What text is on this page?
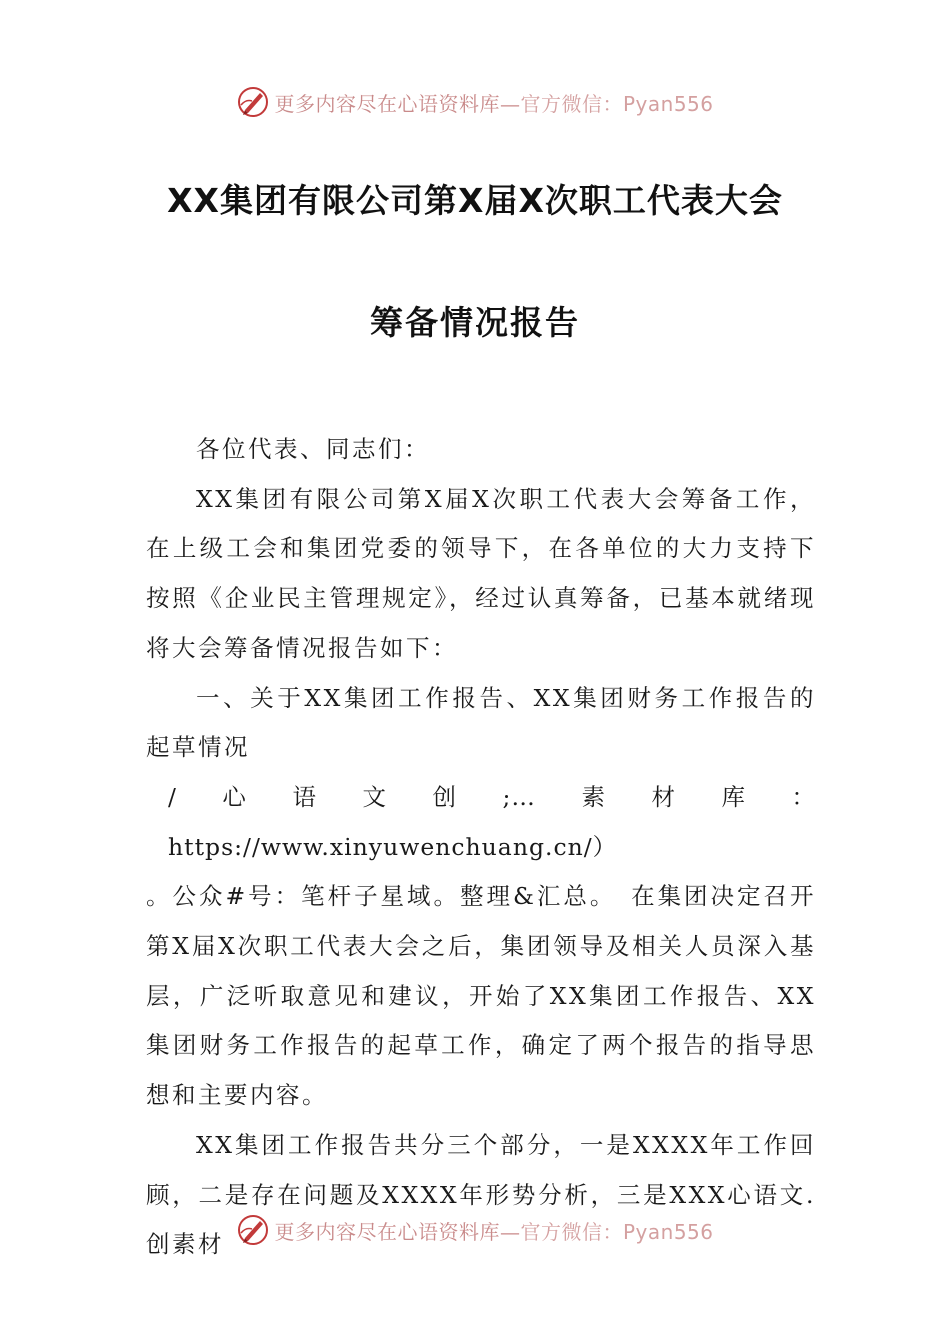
更多内容尽在心语资料库—官方微信：Pyan556
XX集团有限公司第X届X次职工代表大会
筹备情况报告

各位代表、同志们：

XX集团有限公司第X届X次职工代表大会筹备工作，在上级工会和集团党委的领导下，在各单位的大力支持下按照《企业民主管理规定》，经过认真筹备，已基本就绪现将大会筹备情况报告如下：

一、关于XX集团工作报告、XX集团财务工作报告的起草情况

/心语文创;…素材库：https://www.xinyuwenchuang.cn/）

。公众#号：笔杆子星域。整理&汇总。　在集团决定召开第X届X次职工代表大会之后，集团领导及相关人员深入基层，广泛听取意见和建议，开始了XX集团工作报告、XX集团财务工作报告的起草工作，确定了两个报告的指导思想和主要内容。

XX集团工作报告共分三个部分，一是XXXX年工作回顾，二是存在问题及XXXX年形势分析，三是XXX心语文.创素材	更多内容尽在心语资料库—官方微信：Pyan556
